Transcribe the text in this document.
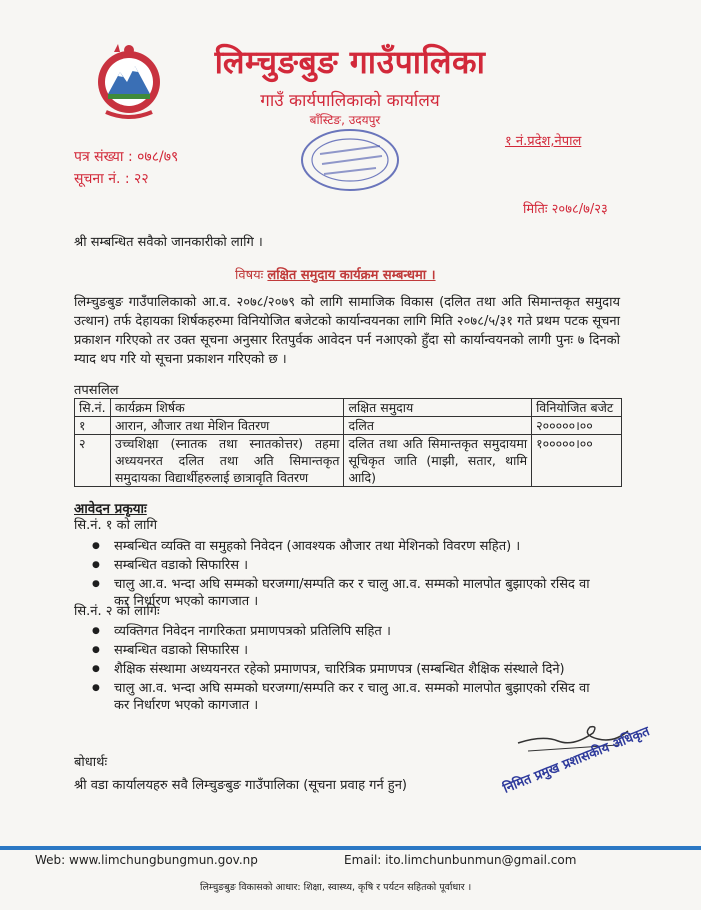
लिम्चुङबुङ गाउँपालिका
गाउँ कार्यपालिकाको कार्यालय
बाँस्टिङ, उदयपुर
१ नं.प्रदेश,नेपाल
पत्र संख्या : ०७८/७९
सूचना नं. : २२
मितिः २०७८/७/२३
श्री सम्बन्धित सवैको जानकारीको लागि ।
विषयः लक्षित समुदाय कार्यक्रम सम्बन्धमा ।
लिम्चुङबुङ गाउँपालिकाको आ.व. २०७८/२०७९ को लागि सामाजिक विकास (दलित तथा अति सिमान्तकृत समुदाय उत्थान) तर्फ देहायका शिर्षकहरुमा विनियोजित बजेटको कार्यान्वयनका लागि मिति २०७८/५/३१ गते प्रथम पटक सूचना प्रकाशन गरिएको तर उक्त सूचना अनुसार रितपुर्वक आवेदन पर्न नआएको हुँदा सो कार्यान्वयनको लागी पुनः ७ दिनको म्याद थप गरि यो सूचना प्रकाशन गरिएको छ ।
तपसलिल
सि.नं.	कार्यक्रम शिर्षक	लक्षित समुदाय	विनियोजित बजेट
१	आरान, औजार तथा मेशिन वितरण	दलित	२०००००।००
२	उच्चशिक्षा (स्नातक तथा स्नातकोत्तर) तहमा अध्ययनरत दलित तथा अति सिमान्तकृत समुदायका विद्यार्थीहरुलाई छात्रावृति वितरण	दलित तथा अति सिमान्तकृत समुदायमा सूचिकृत जाति (माझी, सतार, थामि आदि)	१०००००।००
आवेदन प्रकृयाः
सि.नं. १ को लागि
● सम्बन्धित व्यक्ति वा समुहको निवेदन (आवश्यक औजार तथा मेशिनको विवरण सहित) ।
● सम्बन्धित वडाको सिफारिस ।
● चालु आ.व. भन्दा अघि सम्मको घरजग्गा/सम्पति कर र चालु आ.व. सम्मको मालपोत बुझाएको रसिद वा कर निर्धारण भएको कागजात ।
सि.नं. २ को लागिः
● व्यक्तिगत निवेदन नागरिकता प्रमाणपत्रको प्रतिलिपि सहित ।
● सम्बन्धित वडाको सिफारिस ।
● शैक्षिक संस्थामा अध्ययनरत रहेको प्रमाणपत्र, चारित्रिक प्रमाणपत्र (सम्बन्धित शैक्षिक संस्थाले दिने)
● चालु आ.व. भन्दा अघि सम्मको घरजग्गा/सम्पति कर र चालु आ.व. सम्मको मालपोत बुझाएको रसिद वा कर निर्धारण भएको कागजात ।
निमित प्रमुख प्रशासकीय अधिकृत
बोधार्थः
श्री वडा कार्यालयहरु सवै लिम्चुङबुङ गाउँपालिका (सूचना प्रवाह गर्न हुन)
Web: www.limchungbungmun.gov.np	Email: ito.limchunbunmun@gmail.com
लिम्चुङबुङ विकासको आधार: शिक्षा, स्वास्थ्य, कृषि र पर्यटन सहितको पूर्वाधार ।
